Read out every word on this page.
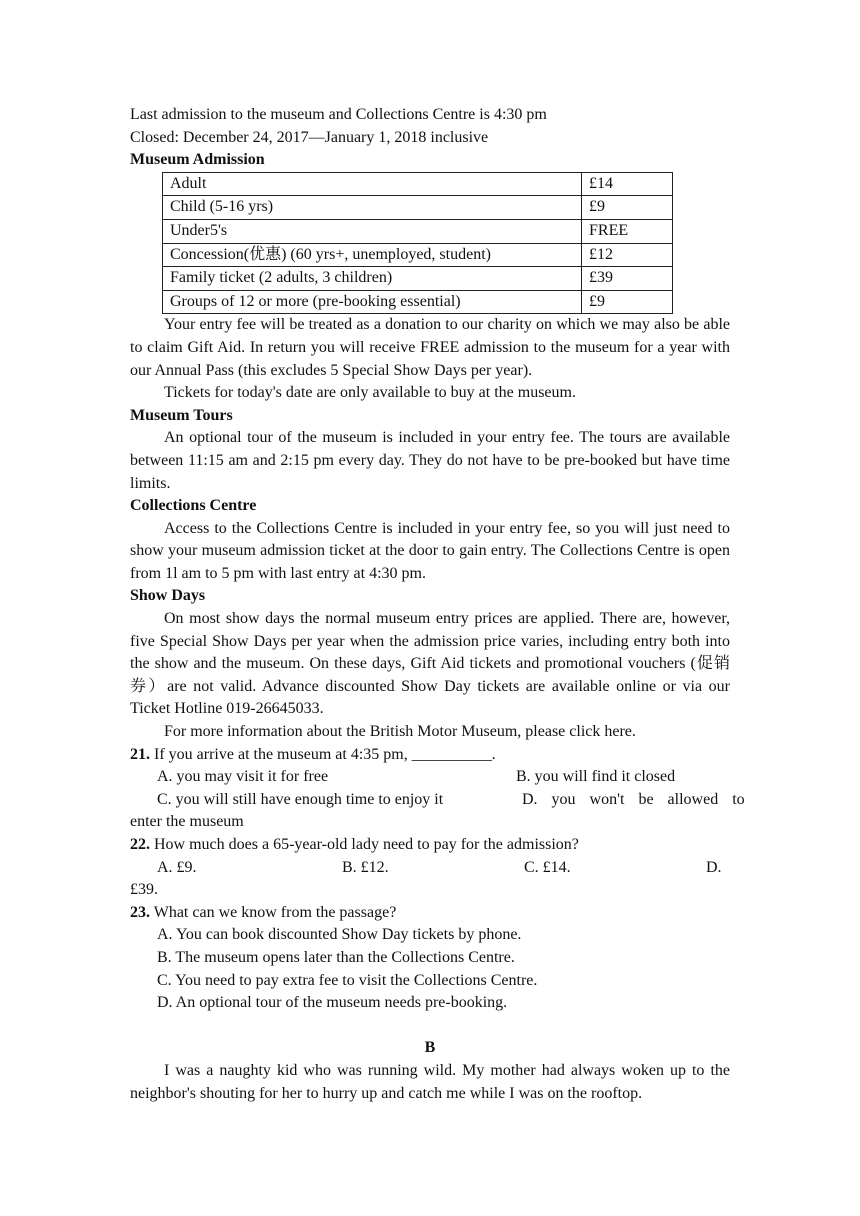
Last admission to the museum and Collections Centre is 4:30 pm
Closed: December 24, 2017—January 1, 2018 inclusive
Museum Admission
Adult	£14
Child (5-16 yrs)	£9
Under5's	FREE
Concession(优惠) (60 yrs+, unemployed, student)	£12
Family ticket (2 adults, 3 children)	£39
Groups of 12 or more (pre-booking essential)	£9
Your entry fee will be treated as a donation to our charity on which we may also be able to claim Gift Aid. In return you will receive FREE admission to the museum for a year with our Annual Pass (this excludes 5 Special Show Days per year).
Tickets for today's date are only available to buy at the museum.
Museum Tours
An optional tour of the museum is included in your entry fee. The tours are available between 11:15 am and 2:15 pm every day. They do not have to be pre-booked but have time limits.
Collections Centre
Access to the Collections Centre is included in your entry fee, so you will just need to show your museum admission ticket at the door to gain entry. The Collections Centre is open from 1l am to 5 pm with last entry at 4:30 pm.
Show Days
On most show days the normal museum entry prices are applied. There are, however, five Special Show Days per year when the admission price varies, including entry both into the show and the museum. On these days, Gift Aid tickets and promotional vouchers (促销券）are not valid. Advance discounted Show Day tickets are available online or via our Ticket Hotline 019-26645033.
For more information about the British Motor Museum, please click here.
21. If you arrive at the museum at 4:35 pm, __________.
A. you may visit it for free	B. you will find it closed
C. you will still have enough time to enjoy it	D. you won't be allowed to
enter the museum
22. How much does a 65-year-old lady need to pay for the admission?
A. £9.	B. £12.	C. £14.	D.
£39.
23. What can we know from the passage?
A. You can book discounted Show Day tickets by phone.
B. The museum opens later than the Collections Centre.
C. You need to pay extra fee to visit the Collections Centre.
D. An optional tour of the museum needs pre-booking.
B
I was a naughty kid who was running wild. My mother had always woken up to the neighbor's shouting for her to hurry up and catch me while I was on the rooftop.
